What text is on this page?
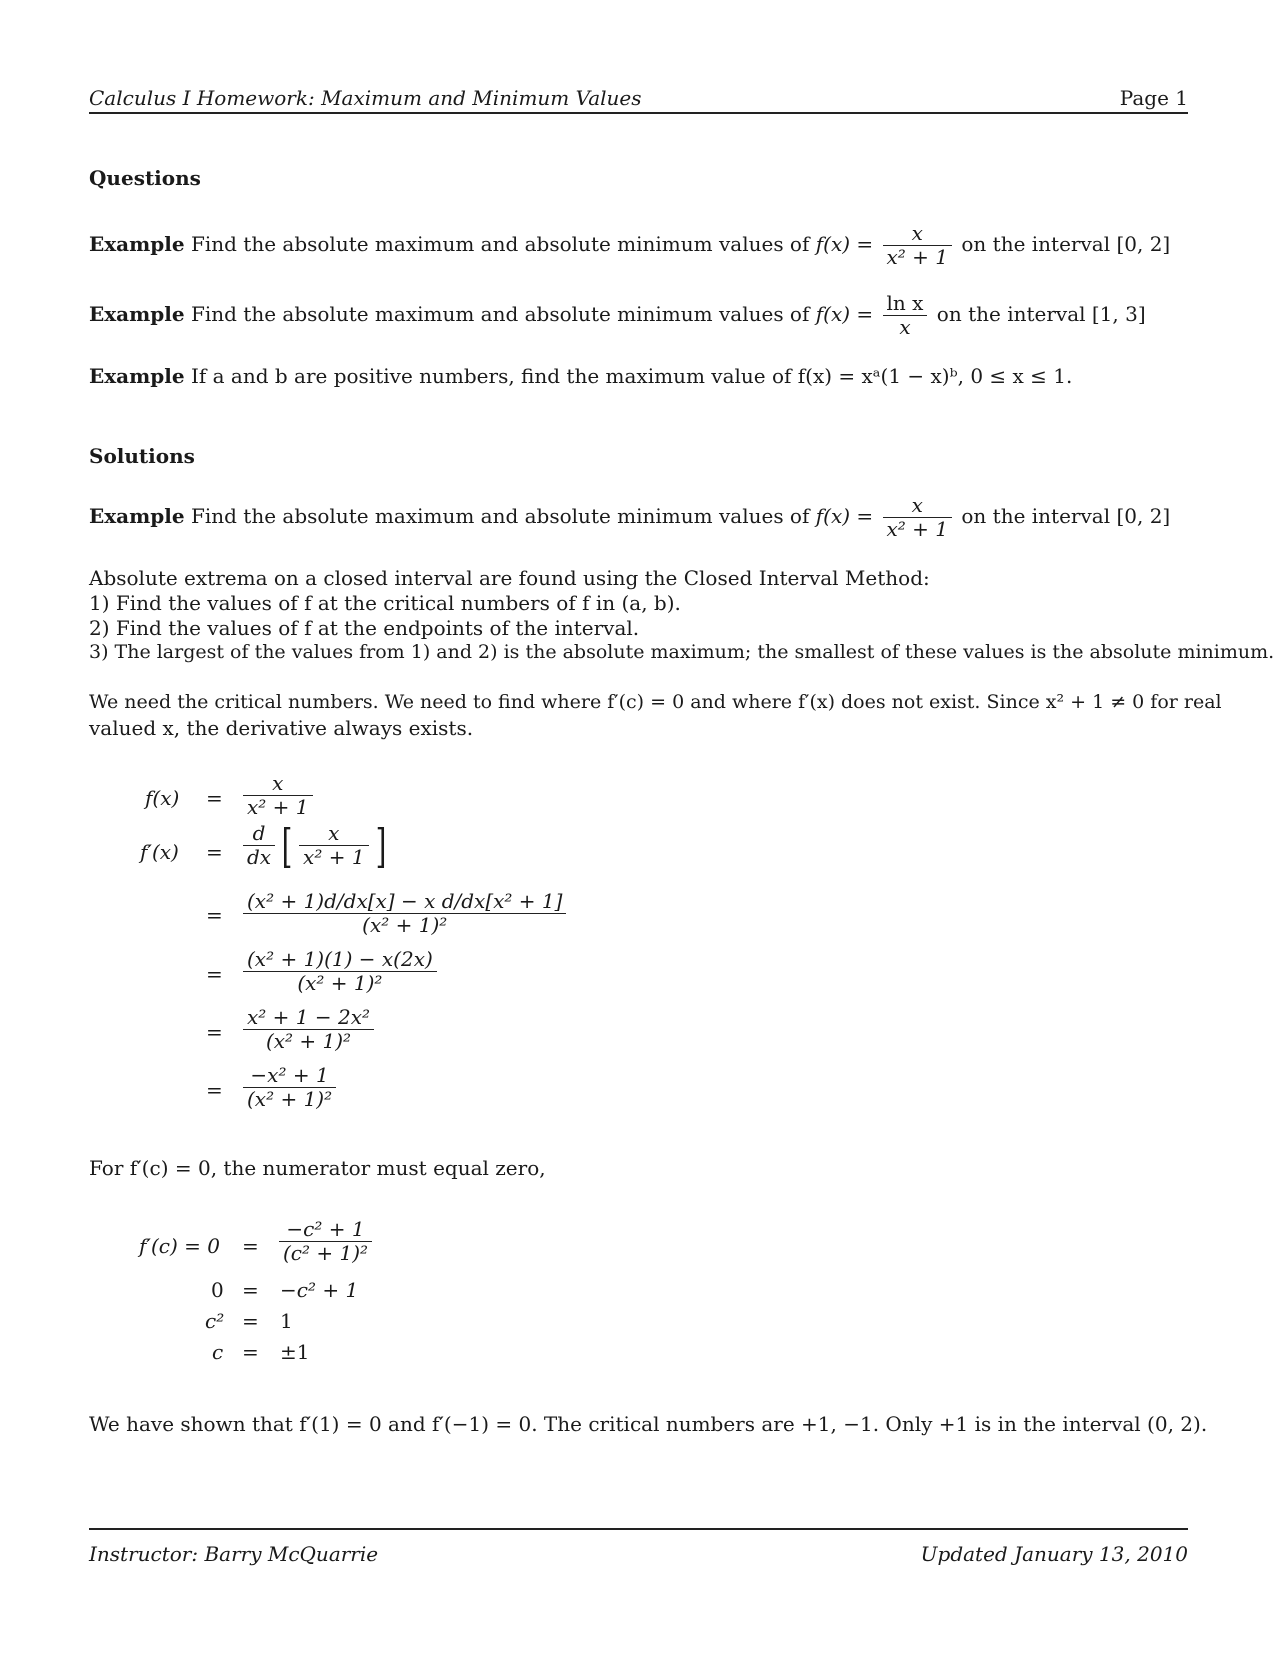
Calculus I Homework: Maximum and Minimum Values	Page 1
Questions
Example Find the absolute maximum and absolute minimum values of $f(x) = \frac{x}{\text{x² + 1}}$ on the interval [0, 2]
Example Find the absolute maximum and absolute minimum values of $f(x) = \frac{\text{ln x}}{x}$ on the interval [1, 3]
Example If a and b are positive numbers, find the maximum value of f(x) = xᵃ(1 − x)ᵇ, 0 ≤ x ≤ 1.
Solutions
Example Find the absolute maximum and absolute minimum values of $f(x) = \frac{x}{\text{x² + 1}}$ on the interval [0, 2]
Absolute extrema on a closed interval are found using the Closed Interval Method:
1) Find the values of f at the critical numbers of f in (a, b).
2) Find the values of f at the endpoints of the interval.
3) The largest of the values from 1) and 2) is the absolute maximum; the smallest of these values is the absolute minimum.
We need the critical numbers. We need to find where f′(c) = 0 and where f′(x) does not exist. Since x² + 1 ≠ 0 for real
valued x, the derivative always exists.
$f(x) = \frac{x}{\text{x² + 1}}$
$f'(x) = \frac{d}{dx}$ [ $\frac{x}{\text{x² + 1}}$ ]
= $\frac{\text{(x² + 1)d/dx[x] − x d/dx[x² + 1]}}{\text{(x² + 1)²}}$
= $\frac{\text{(x² + 1)(1) − x(2x)}}{\text{(x² + 1)²}}$
= $\frac{\text{x² + 1 − 2x²}}{\text{(x² + 1)²}}$
= $\frac{\text{−x² + 1}}{\text{(x² + 1)²}}$
For f′(c) = 0, the numerator must equal zero,
$f'(c) = 0 = \frac{\text{−c² + 1}}{\text{(c² + 1)²}}$
0 = −c² + 1
c² = 1
c = ±1
We have shown that f′(1) = 0 and f′(−1) = 0. The critical numbers are +1, −1. Only +1 is in the interval (0, 2).
Instructor: Barry McQuarrie	Updated January 13, 2010
